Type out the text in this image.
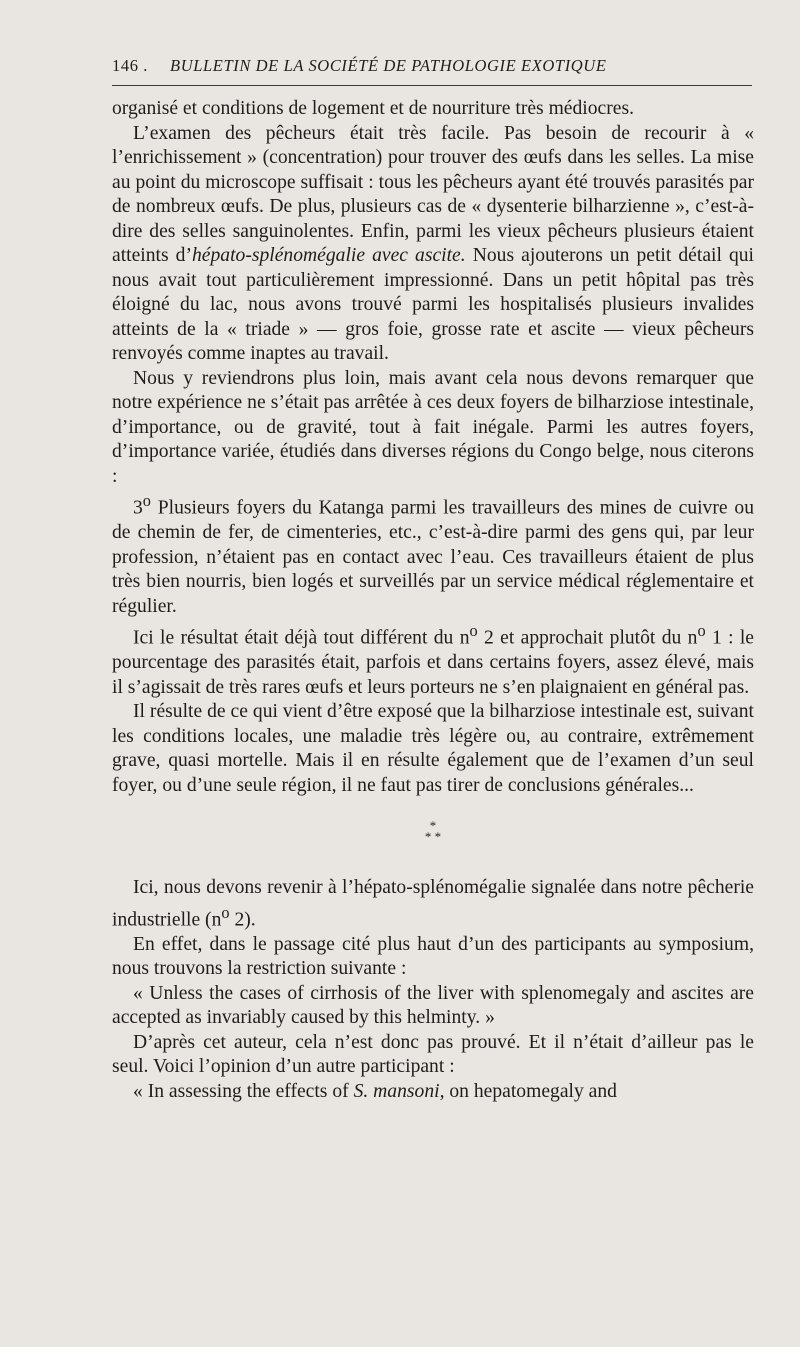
146 . BULLETIN DE LA SOCIÉTÉ DE PATHOLOGIE EXOTIQUE

organisé et conditions de logement et de nourriture très médiocres.

L’examen des pêcheurs était très facile. Pas besoin de recourir à « l’enrichissement » (concentration) pour trouver des œufs dans les selles. La mise au point du microscope suffisait : tous les pêcheurs ayant été trouvés parasités par de nombreux œufs. De plus, plusieurs cas de « dysenterie bilharzienne », c’est-à-dire des selles sanguinolentes. Enfin, parmi les vieux pêcheurs plusieurs étaient atteints d’hépato-splénomégalie avec ascite. Nous ajouterons un petit détail qui nous avait tout particulièrement impressionné. Dans un petit hôpital pas très éloigné du lac, nous avons trouvé parmi les hospitalisés plusieurs invalides atteints de la « triade » — gros foie, grosse rate et ascite — vieux pêcheurs renvoyés comme inaptes au travail.

Nous y reviendrons plus loin, mais avant cela nous devons remarquer que notre expérience ne s’était pas arrêtée à ces deux foyers de bilharziose intestinale, d’importance, ou de gravité, tout à fait inégale. Parmi les autres foyers, d’importance variée, étudiés dans diverses régions du Congo belge, nous citerons :

3$^o$ Plusieurs foyers du Katanga parmi les travailleurs des mines de cuivre ou de chemin de fer, de cimenteries, etc., c’est-à-dire parmi des gens qui, par leur profession, n’étaient pas en contact avec l’eau. Ces travailleurs étaient de plus très bien nourris, bien logés et surveillés par un service médical réglementaire et régulier.

Ici le résultat était déjà tout différent du $n^o$ 2 et approchait plutôt du $n^o$ 1 : le pourcentage des parasités était, parfois et dans certains foyers, assez élevé, mais il s’agissait de très rares œufs et leurs porteurs ne s’en plaignaient en général pas.

Il résulte de ce qui vient d’être exposé que la bilharziose intestinale est, suivant les conditions locales, une maladie très légère ou, au contraire, extrêmement grave, quasi mortelle. Mais il en résulte également que de l’examen d’un seul foyer, ou d’une seule région, il ne faut pas tirer de conclusions générales...

*
* *

Ici, nous devons revenir à l’hépato-splénomégalie signalée dans notre pêcherie industrielle ($n^o$ 2).

En effet, dans le passage cité plus haut d’un des participants au symposium, nous trouvons la restriction suivante :

« Unless the cases of cirrhosis of the liver with splenomegaly and ascites are accepted as invariably caused by this helminty. »

D’après cet auteur, cela n’est donc pas prouvé. Et il n’était d’ailleur pas le seul. Voici l’opinion d’un autre participant :

« In assessing the effects of S. mansoni, on hepatomegaly and
